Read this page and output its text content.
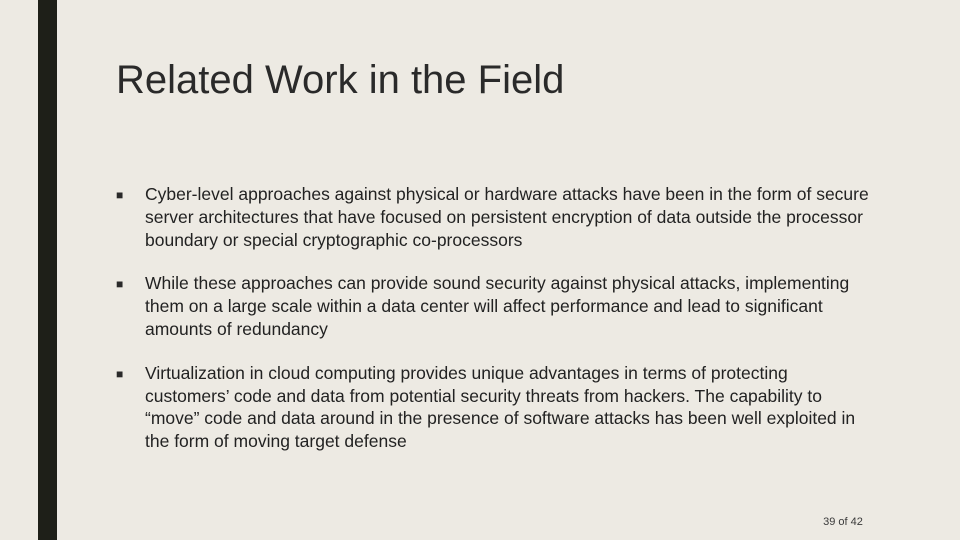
Related Work in the Field
■	Cyber-level approaches against physical or hardware attacks have been in the form of secure server architectures that have focused on persistent encryption of data outside the processor boundary or special cryptographic co-processors
■	While these approaches can provide sound security against physical attacks, implementing them on a large scale within a data center will affect performance and lead to significant amounts of redundancy
■	Virtualization in cloud computing provides unique advantages in terms of protecting customers’ code and data from potential security threats from hackers. The capability to “move” code and data around in the presence of software attacks has been well exploited in the form of moving target defense
39 of 42
